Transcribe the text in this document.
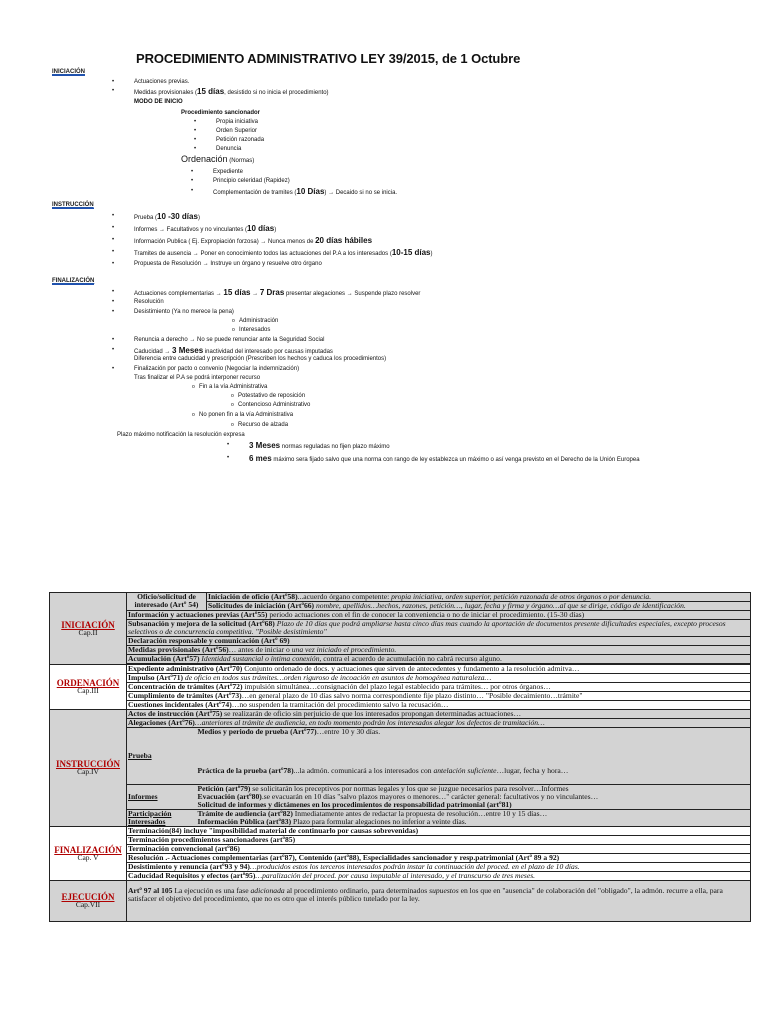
PROCEDIMIENTO ADMINISTRATIVO LEY 39/2015, de 1 Octubre
INICIACIÓN
• Actuaciones previas.
• Medidas provisionales (15 días, desistido si no inicia el procedimiento)
MODO DE INICIO
Procedimiento sancionador
• Propia iniciativa
• Orden Superior
• Petición razonada
• Denuncia
Ordenación (Normas)
• Expediente
• Principio celeridad (Rapidez)
• Complementación de tramites (10 Días) → Decaido si no se inicia.
INSTRUCCIÓN
• Prueba (10 -30 días)
• Informes → Facultativos y no vinculantes (10 días)
• Información Publica ( Ej. Expropiación forzosa) → Nunca menos de 20 días hábiles
• Tramites de ausencia → Poner en conocimiento todos las actuaciones del P.A a los interesados (10-15 días)
• Propuesta de Resolución → Instruye un órgano y resuelve otro órgano
FINALIZACIÓN
• Actuaciones complementarias → 15 días → 7 Dras presentar alegaciones → Suspende plazo resolver
• Resolución
• Desistimiento (Ya no merece la pena)
o Administración
o Interesados
• Renuncia a derecho → No se puede renunciar ante la Seguridad Social
• Caducidad → 3 Meses inactividad del interesado por causas imputadas
Diferencia entre caducidad y prescripción (Prescriben los hechos y caduca los procedimientos)
• Finalización por pacto o convenio (Negociar la indemnización)
Tras finalizar el P.A se podrá interponer recurso
o Fin a la vía Administrativa
o Potestativo de reposición
o Contencioso Administrativo
o No ponen fin a la vía Administrativa
o Recurso de alzada
Plazo máximo notificación la resolución expresa
• 3 Meses normas reguladas no fijen plazo máximo
• 6 mes máximo sera fijado salvo que una norma con rango de ley establezca un máximo o así venga previsto en el Derecho de la Unión Europea
INICIACIÓN
Cap.II	Oficio/solicitud de interesado (Artº 54)	Iniciación de oficio (Artº58)...acuerdo órgano competente: propia iniciativa, orden superior, petición razonada de otros órganos o por denuncia.
		Solicitudes de iniciación (Artº66) nombre, apellidos…hechos, razones, petición…, lugar, fecha y firma y órgano…al que se dirige, código de identificación.
	Información y actuaciones previas (Artº55) periodo actuaciones con el fin de conocer la conveniencia o no de iniciar el procedimiento. (15-30 días)	
	Subsanación y mejora de la solicitud (Artº68) Plazo de 10 días que podrá ampliarse hasta cinco días mas cuando la aportación de documentos presente dificultades especiales, excepto procesos selectivos o de concurrencia competitiva. "Posible desistimiento"	
	Declaración responsable y comunicación (Artº 69)	
	Medidas provisionales (Artº56)… antes de iniciar o una vez iniciado el procedimiento.	
	Acumulación (Artº57) Identidad sustancial o íntima conexión, contra el acuerdo de acumulación no cabrá recurso alguno.	

ORDENACIÓN
Cap.III	Expediente administrativo (Artº70) Conjunto ordenado de docs. y actuaciones que sirven de antecedentes y fundamento a la resolución admitva…	
	Impulso (Artº71) de oficio en todos sus trámites…orden riguroso de incoación en asuntos de homogénea naturaleza…	
	Concentración de trámites (Artº72) impulsión simultánea…consignación del plazo legal establecido para trámites… por otros órganos…	
	Cumplimiento de trámites (Artº73)…en general plazo de 10 días salvo norma correspondiente fije plazo distinto… "Posible decaimiento…trámite"	
	Cuestiones incidentales (Artº74)…no suspenden la tramitación del procedimiento salvo la recusación…	

INSTRUCCIÓN
Cap.IV	Actos de instrucción (Artº75) se realizarán de oficio sin perjuicio de que los interesados propongan determinadas actuaciones…	
	Alegaciones (Artº76)…anteriores al trámite de audiencia, en todo momento podrán los interesados alegar los defectos de tramitación…	
	Prueba	Medios y periodo de prueba (Artº77)…entre 10 y 30 días.
Práctica de la prueba (artº78)...la admón. comunicará a los interesados con antelación suficiente…lugar, fecha y hora…

	Informes	Petición (artº79) se solicitarán los preceptivos por normas legales y los que se juzgue necesarios para resolver…Informes
Evacuación (artº80).se evacuarán en 10 días "salvo plazos mayores o menores…" carácter general: facultativos y no vinculantes…
Solicitud de informes y dictámenes en los procedimientos de responsabilidad patrimonial (artº81)

	Participación Interesados	Trámite de audiencia (artº82) Inmediatamente antes de redactar la propuesta de resolución…entre 10 y 15 días…
Información Pública (artº83) Plazo para formular alegaciones no inferior a veinte días.

FINALIZACIÓN
Cap. V	Terminación(84) incluye "imposibilidad material de continuarlo por causas sobrevenidas)	
	Terminación procedimientos sancionadores (artº85)	
	Terminación convencional (artº86)	
	Resolución .- Actuaciones complementarias (artº87), Contenido (artº88), Especialidades sancionador y resp.patrimonial (Artº 89 a 92)	
	Desistimiento y renuncia (artº93 y 94)…producidos estos los terceros interesados podrán instar la continuación del proced. en el plazo de 10 días.	
	Caducidad Requisitos y efectos (artº95)…paralización del proced. por causa imputable al interesado, y el transcurso de tres meses.	

EJECUCIÓN
Cap.VII	Artº 97 al 105 La ejecución es una fase adicionada al procedimiento ordinario, para determinados supuestos en los que en "ausencia" de colaboración del "obligado", la admón. recurre a ella, para satisfacer el objetivo del procedimiento, que no es otro que el interés público tutelado por la ley.	
